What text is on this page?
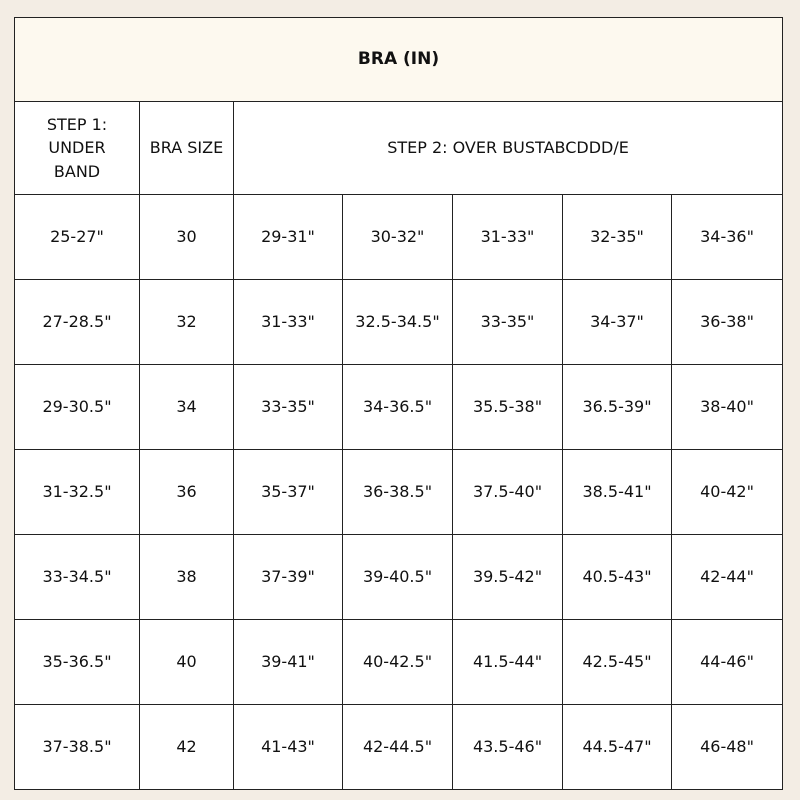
BRA (IN)						
STEP 1:
UNDER
BAND	BRA SIZE	STEP 2: OVER BUSTABCDDD/E				
25-27"	30	29-31"	30-32"	31-33"	32-35"	34-36"
27-28.5"	32	31-33"	32.5-34.5"	33-35"	34-37"	36-38"
29-30.5"	34	33-35"	34-36.5"	35.5-38"	36.5-39"	38-40"
31-32.5"	36	35-37"	36-38.5"	37.5-40"	38.5-41"	40-42"
33-34.5"	38	37-39"	39-40.5"	39.5-42"	40.5-43"	42-44"
35-36.5"	40	39-41"	40-42.5"	41.5-44"	42.5-45"	44-46"
37-38.5"	42	41-43"	42-44.5"	43.5-46"	44.5-47"	46-48"
